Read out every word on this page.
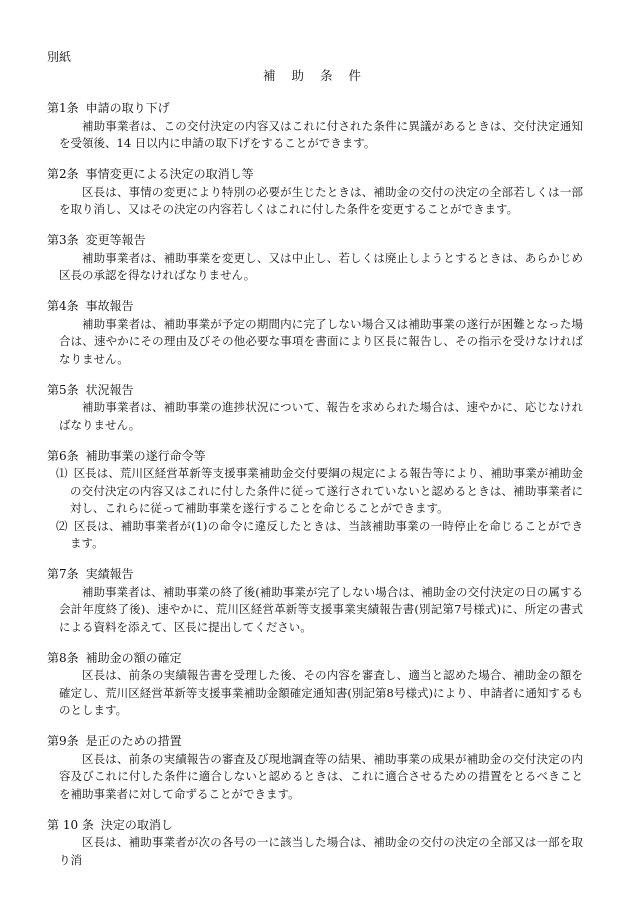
別紙
補 助 条 件

第1条 申請の取り下げ

補助事業者は、この交付決定の内容又はこれに付された条件に異議があるときは、交付決定通知を受領後、14 日以内に申請の取下げをすることができます。

第2条 事情変更による決定の取消し等

区長は、事情の変更により特別の必要が生じたときは、補助金の交付の決定の全部若しくは一部を取り消し、又はその決定の内容若しくはこれに付した条件を変更することができます。

第3条 変更等報告

補助事業者は、補助事業を変更し、又は中止し、若しくは廃止しようとするときは、あらかじめ区長の承認を得なければなりません。

第4条 事故報告

補助事業者は、補助事業が予定の期間内に完了しない場合又は補助事業の遂行が困難となった場合は、速やかにその理由及びその他必要な事項を書面により区長に報告し、その指示を受けなければなりません。

第5条 状況報告

補助事業者は、補助事業の進捗状況について、報告を求められた場合は、速やかに、応じなければなりません。

第6条 補助事業の遂行命令等

⑴ 区長は、荒川区経営革新等支援事業補助金交付要綱の規定による報告等により、補助事業が補助金の交付決定の内容又はこれに付した条件に従って遂行されていないと認めるときは、補助事業者に対し、これらに従って補助事業を遂行することを命じることができます。
⑵ 区長は、補助事業者が(1)の命令に違反したときは、当該補助事業の一時停止を命じることができます。

第7条 実績報告

補助事業者は、補助事業の終了後(補助事業が完了しない場合は、補助金の交付決定の日の属する会計年度終了後)、速やかに、荒川区経営革新等支援事業実績報告書(別記第7号様式)に、所定の書式による資料を添えて、区長に提出してください。

第8条 補助金の額の確定

区長は、前条の実績報告書を受理した後、その内容を審査し、適当と認めた場合、補助金の額を確定し、荒川区経営革新等支援事業補助金額確定通知書(別記第8号様式)により、申請者に通知するものとします。

第9条 是正のための措置

区長は、前条の実績報告の審査及び現地調査等の結果、補助事業の成果が補助金の交付決定の内容及びこれに付した条件に適合しないと認めるときは、これに適合させるための措置をとるべきことを補助事業者に対して命ずることができます。

第 10 条 決定の取消し

区長は、補助事業者が次の各号の一に該当した場合は、補助金の交付の決定の全部又は一部を取り消
